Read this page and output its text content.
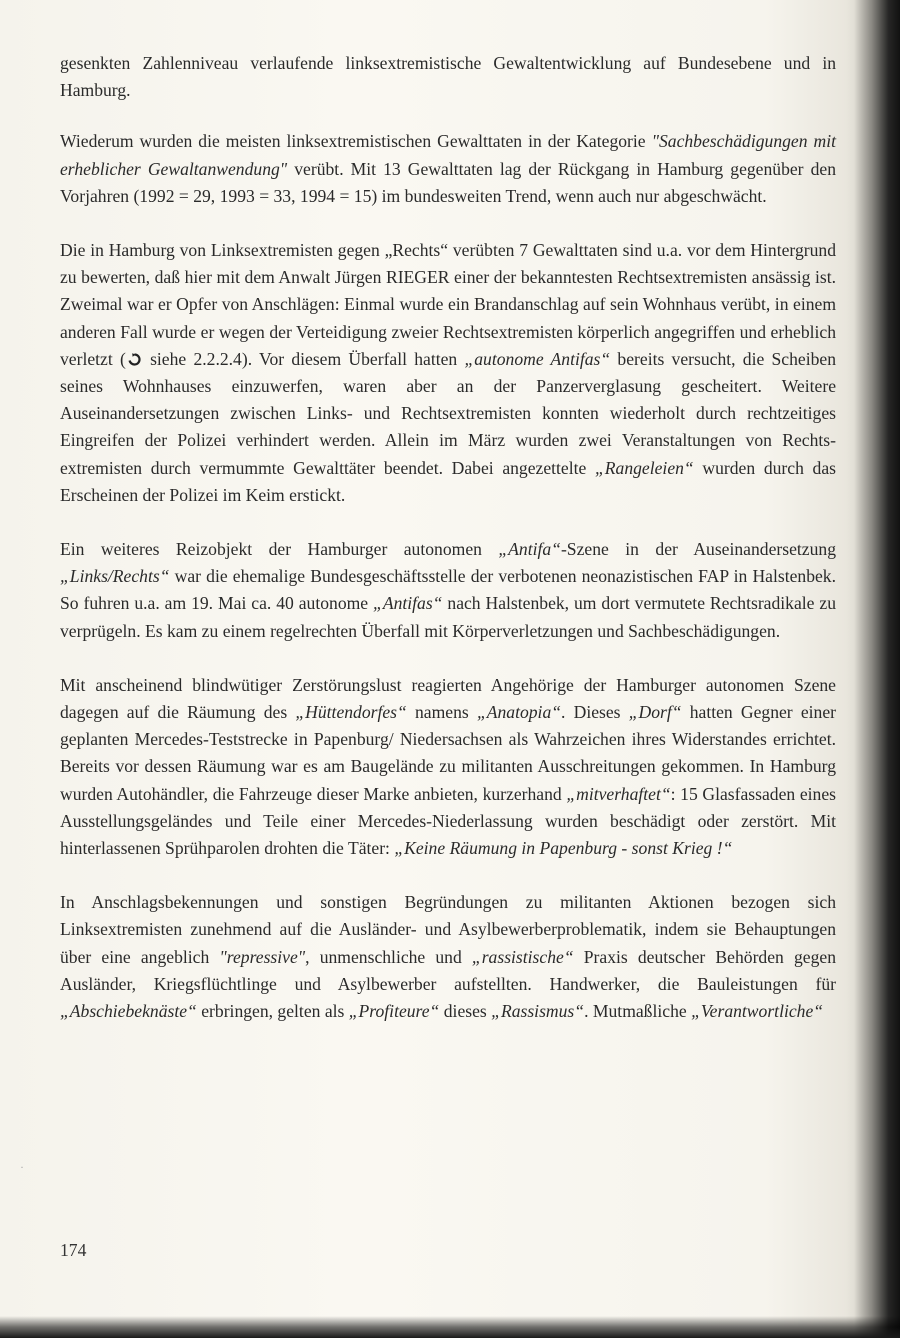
·

gesenkten Zahlenniveau verlaufende linksextremistische Gewaltentwicklung auf Bundesebene und in Hamburg.

Wiederum wurden die meisten linksextremistischen Gewalttaten in der Kategorie "Sachbeschädigungen mit erheblicher Gewaltanwendung" verübt. Mit 13 Gewalttaten lag der Rückgang in Hamburg gegenüber den Vorjahren (1992 = 29, 1993 = 33, 1994 = 15) im bundesweiten Trend, wenn auch nur abgeschwächt.

Die in Hamburg von Linksextremisten gegen „Rechts“ verübten 7 Gewalttaten sind u.a. vor dem Hintergrund zu bewerten, daß hier mit dem Anwalt Jürgen RIEGER einer der bekanntesten Rechtsextremisten ansässig ist. Zweimal war er Opfer von Anschlägen: Einmal wurde ein Brandanschlag auf sein Wohnhaus verübt, in einem anderen Fall wurde er wegen der Verteidigung zweier Rechtsextremisten körperlich angegriffen und erheblich verletzt ( siehe 2.2.2.4). Vor diesem Überfall hatten „autonome Antifas“ bereits versucht, die Scheiben seines Wohnhauses einzuwerfen, waren aber an der Panzerverglasung gescheitert. Weitere Auseinandersetzungen zwischen Links- und Rechtsextremisten konnten wiederholt durch rechtzeitiges Eingreifen der Polizei verhindert werden. Allein im März wurden zwei Veranstaltungen von Rechtsextremisten durch vermummte Gewalttäter beendet. Dabei angezettelte „Rangeleien“ wurden durch das Erscheinen der Polizei im Keim erstickt.

Ein weiteres Reizobjekt der Hamburger autonomen „Antifa“-Szene in der Auseinandersetzung „Links/Rechts“ war die ehemalige Bundesgeschäftsstelle der verbotenen neonazistischen FAP in Halstenbek. So fuhren u.a. am 19. Mai ca. 40 autonome „Antifas“ nach Halstenbek, um dort vermutete Rechtsradikale zu verprügeln. Es kam zu einem regelrechten Überfall mit Körperverletzungen und Sachbeschädigungen.

Mit anscheinend blindwütiger Zerstörungslust reagierten Angehörige der Hamburger autonomen Szene dagegen auf die Räumung des „Hüttendorfes“ namens „Anatopia“. Dieses „Dorf“ hatten Gegner einer geplanten Mercedes-Teststrecke in Papenburg/ Niedersachsen als Wahrzeichen ihres Widerstandes errichtet. Bereits vor dessen Räumung war es am Baugelände zu militanten Ausschreitungen gekommen. In Hamburg wurden Autohändler, die Fahrzeuge dieser Marke anbieten, kurzerhand „mitverhaftet“: 15 Glasfassaden eines Ausstellungsgeländes und Teile einer Mercedes-Niederlassung wurden beschädigt oder zerstört. Mit hinterlassenen Sprühparolen drohten die Täter: „Keine Räumung in Papenburg - sonst Krieg !“

In Anschlagsbekennungen und sonstigen Begründungen zu militanten Aktionen bezogen sich Linksextremisten zunehmend auf die Ausländer- und Asylbewerberproblematik, indem sie Behauptungen über eine angeblich "repressive", unmenschliche und „rassistische“ Praxis deutscher Behörden gegen Ausländer, Kriegsflüchtlinge und Asylbewerber aufstellten. Handwerker, die Bauleistungen für „Abschiebeknäste“ erbringen, gelten als „Profiteure“ dieses „Rassismus“. Mutmaßliche „Verantwortliche“

174
